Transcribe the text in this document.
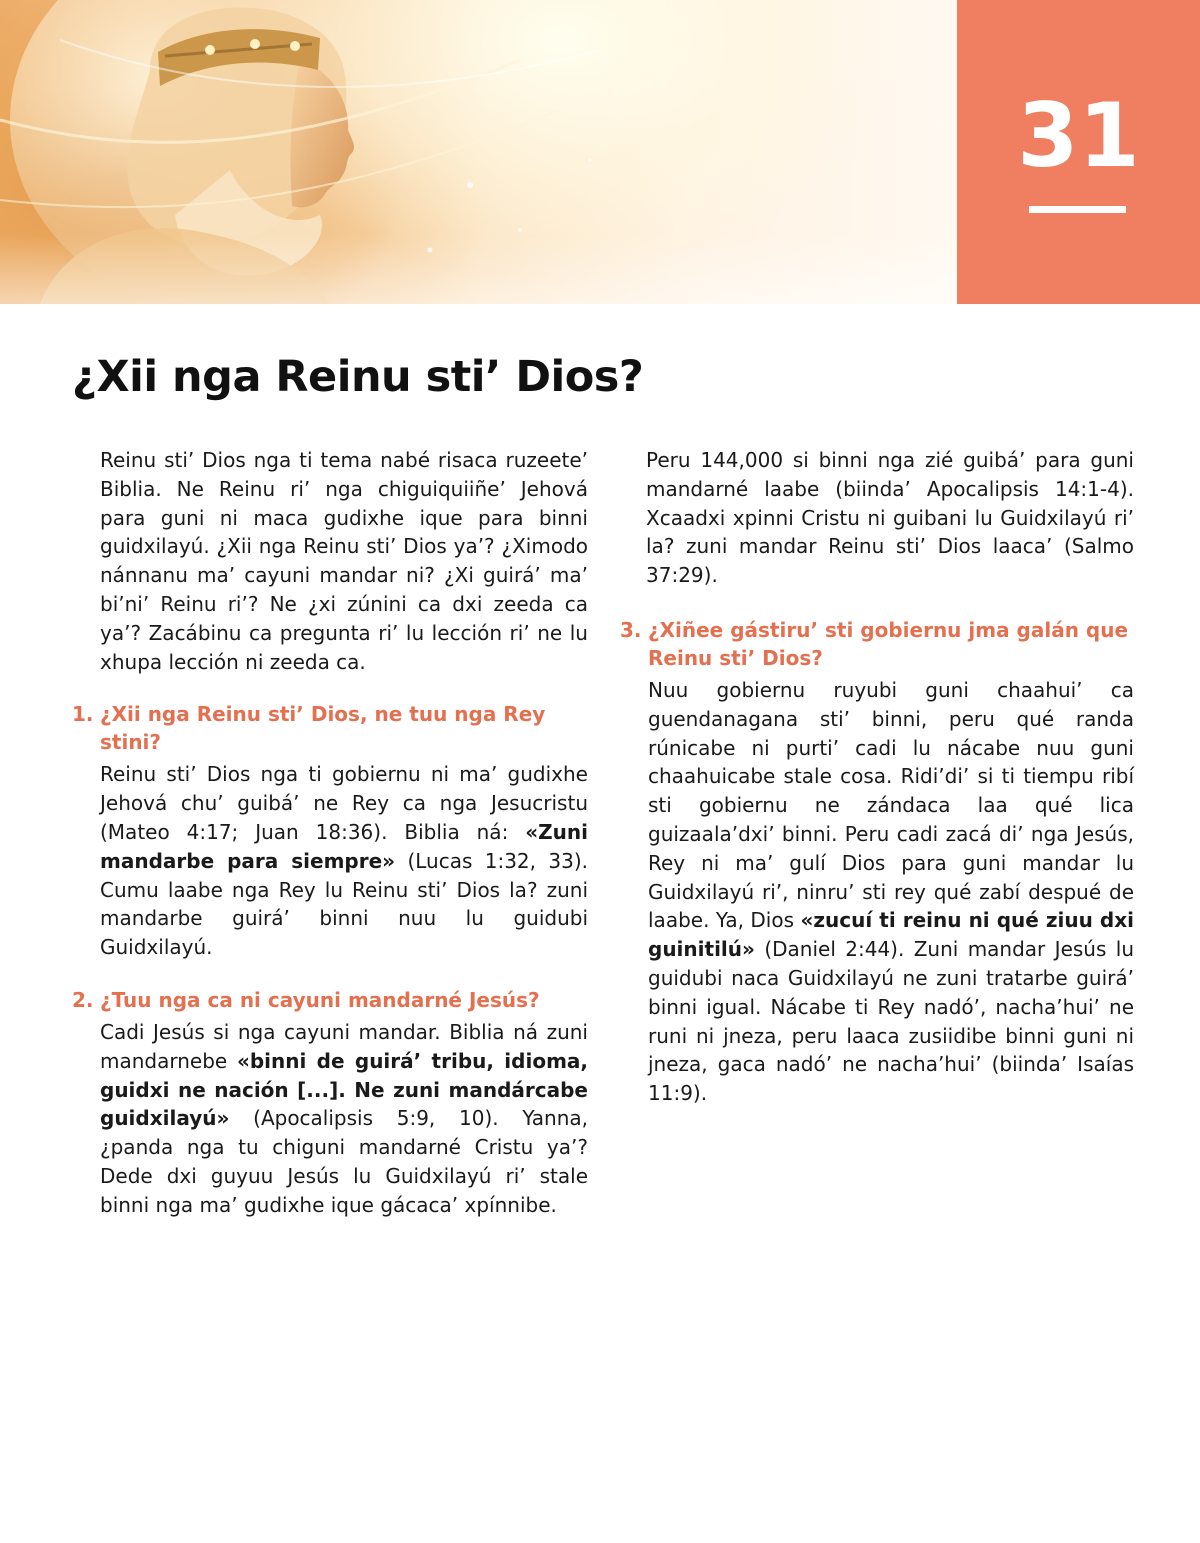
31
¿Xii nga Reinu sti’ Dios?

Reinu sti’ Dios nga ti tema nabé risaca ruzeete’ Biblia. Ne Reinu ri’ nga chiguiquiiñe’ Jehová para guni ni maca gudixhe ique para binni guidxilayú. ¿Xii nga Reinu sti’ Dios ya’? ¿Ximodo nánnanu ma’ cayuni mandar ni? ¿Xi guirá’ ma’ bi’ni’ Reinu ri’? Ne ¿xi zúnini ca dxi zeeda ca ya’? Zacábinu ca pregunta ri’ lu lección ri’ ne lu xhupa lección ni zeeda ca.

1. ¿Xii nga Reinu sti’ Dios, ne tuu nga Rey stini?

Reinu sti’ Dios nga ti gobiernu ni ma’ gudixhe Jehová chu’ guibá’ ne Rey ca nga Jesucristu (Mateo 4:17; Juan 18:36). Biblia ná: «Zuni mandarbe para siempre» (Lucas 1:32, 33). Cumu laabe nga Rey lu Reinu sti’ Dios la? zuni mandarbe guirá’ binni nuu lu guidubi Guidxilayú.

2. ¿Tuu nga ca ni cayuni mandarné Jesús?

Cadi Jesús si nga cayuni mandar. Biblia ná zuni mandarnebe «binni de guirá’ tribu, idioma, guidxi ne nación [...]. Ne zuni mandárcabe guidxilayú» (Apocalipsis 5:9, 10). Yanna, ¿panda nga tu chiguni mandarné Cristu ya’? Dede dxi guyuu Jesús lu Guidxilayú ri’ stale binni nga ma’ gudixhe ique gácaca’ xpínnibe.

Peru 144,000 si binni nga zié guibá’ para guni mandarné laabe (biinda’ Apocalipsis 14:1-4). Xcaadxi xpinni Cristu ni guibani lu Guidxilayú ri’ la? zuni mandar Reinu sti’ Dios laaca’ (Salmo 37:29).

3. ¿Xiñee gástiru’ sti gobiernu jma galán que Reinu sti’ Dios?

Nuu gobiernu ruyubi guni chaahui’ ca guendanagana sti’ binni, peru qué randa rúnicabe ni purti’ cadi lu nácabe nuu guni chaahuicabe stale cosa. Ridi’di’ si ti tiempu ribí sti gobiernu ne zándaca laa qué lica guizaala’dxi’ binni. Peru cadi zacá di’ nga Jesús, Rey ni ma’ gulí Dios para guni mandar lu Guidxilayú ri’, ninru’ sti rey qué zabí despué de laabe. Ya, Dios «zucuí ti reinu ni qué ziuu dxi guinitilú» (Daniel 2:44). Zuni mandar Jesús lu guidubi naca Guidxilayú ne zuni tratarbe guirá’ binni igual. Nácabe ti Rey nadó’, nacha’hui’ ne runi ni jneza, peru laaca zusiidibe binni guni ni jneza, gaca nadó’ ne nacha’hui’ (biinda’ Isaías 11:9).
